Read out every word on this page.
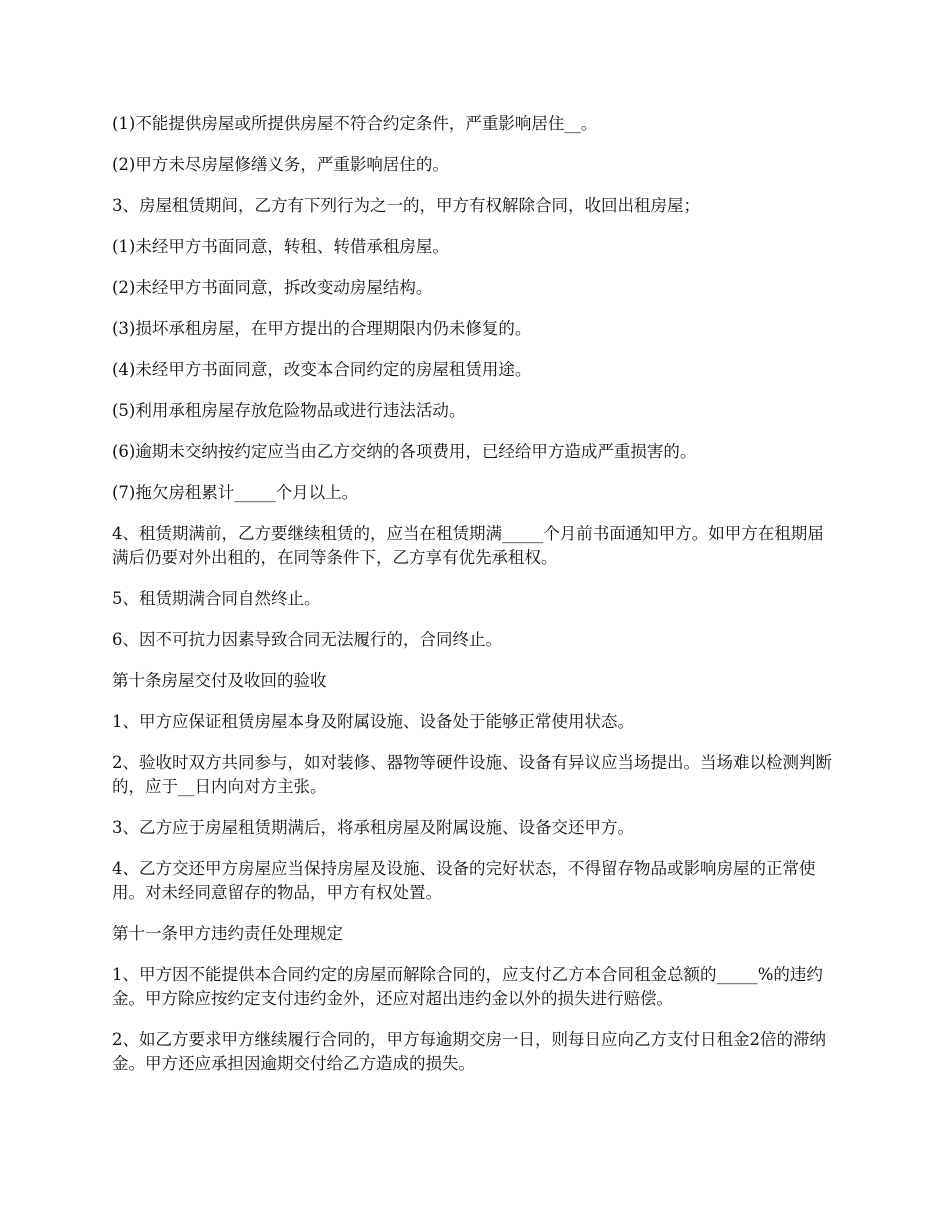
(1)不能提供房屋或所提供房屋不符合约定条件，严重影响居住__。

(2)甲方未尽房屋修缮义务，严重影响居住的。

3、房屋租赁期间，乙方有下列行为之一的，甲方有权解除合同，收回出租房屋；

(1)未经甲方书面同意，转租、转借承租房屋。

(2)未经甲方书面同意，拆改变动房屋结构。

(3)损坏承租房屋，在甲方提出的合理期限内仍未修复的。

(4)未经甲方书面同意，改变本合同约定的房屋租赁用途。

(5)利用承租房屋存放危险物品或进行违法活动。

(6)逾期未交纳按约定应当由乙方交纳的各项费用，已经给甲方造成严重损害的。

(7)拖欠房租累计_____个月以上。

4、租赁期满前，乙方要继续租赁的，应当在租赁期满_____个月前书面通知甲方。如甲方在租期届满后仍要对外出租的，在同等条件下，乙方享有优先承租权。

5、租赁期满合同自然终止。

6、因不可抗力因素导致合同无法履行的，合同终止。

第十条房屋交付及收回的验收

1、甲方应保证租赁房屋本身及附属设施、设备处于能够正常使用状态。

2、验收时双方共同参与，如对装修、器物等硬件设施、设备有异议应当场提出。当场难以检测判断的，应于__日内向对方主张。

3、乙方应于房屋租赁期满后，将承租房屋及附属设施、设备交还甲方。

4、乙方交还甲方房屋应当保持房屋及设施、设备的完好状态，不得留存物品或影响房屋的正常使用。对未经同意留存的物品，甲方有权处置。

第十一条甲方违约责任处理规定

1、甲方因不能提供本合同约定的房屋而解除合同的，应支付乙方本合同租金总额的_____%的违约金。甲方除应按约定支付违约金外，还应对超出违约金以外的损失进行赔偿。

2、如乙方要求甲方继续履行合同的，甲方每逾期交房一日，则每日应向乙方支付日租金2倍的滞纳金。甲方还应承担因逾期交付给乙方造成的损失。
